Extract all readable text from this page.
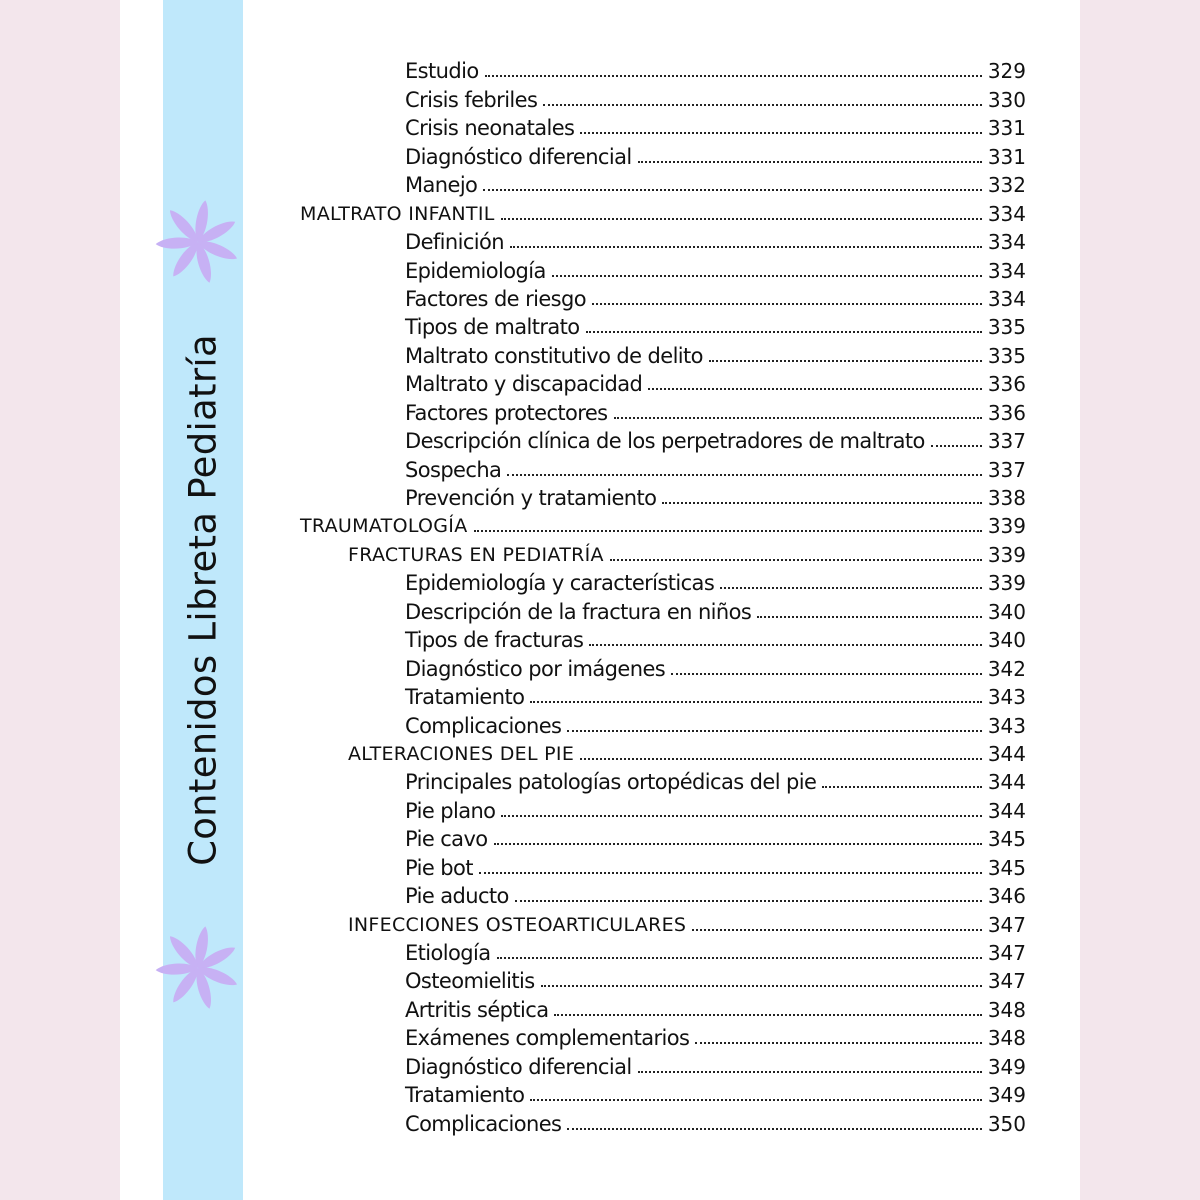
Contenidos Libreta Pediatría
Estudio	329
Crisis febriles	330
Crisis neonatales	331
Diagnóstico diferencial	331
Manejo	332
MALTRATO INFANTIL	334
Definición	334
Epidemiología	334
Factores de riesgo	334
Tipos de maltrato	335
Maltrato constitutivo de delito	335
Maltrato y discapacidad	336
Factores protectores	336
Descripción clínica de los perpetradores de maltrato	337
Sospecha	337
Prevención y tratamiento	338
TRAUMATOLOGÍA	339
FRACTURAS EN PEDIATRÍA	339
Epidemiología y características	339
Descripción de la fractura en niños	340
Tipos de fracturas	340
Diagnóstico por imágenes	342
Tratamiento	343
Complicaciones	343
ALTERACIONES DEL PIE	344
Principales patologías ortopédicas del pie	344
Pie plano	344
Pie cavo	345
Pie bot	345
Pie aducto	346
INFECCIONES OSTEOARTICULARES	347
Etiología	347
Osteomielitis	347
Artritis séptica	348
Exámenes complementarios	348
Diagnóstico diferencial	349
Tratamiento	349
Complicaciones	350
